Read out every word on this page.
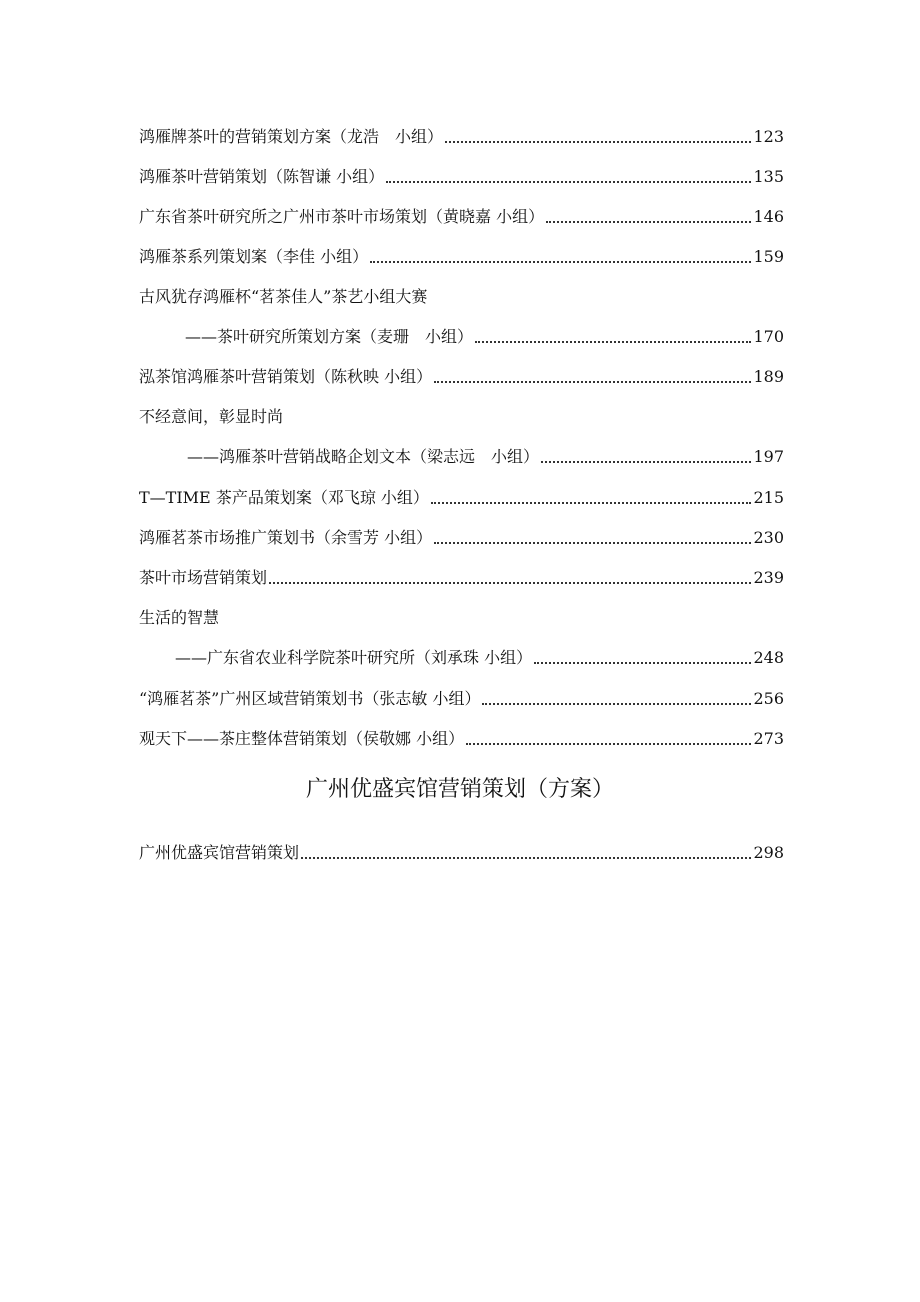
鸿雁牌茶叶的营销策划方案（龙浩　小组）	123
鸿雁茶叶营销策划（陈智谦 小组）	135
广东省茶叶研究所之广州市茶叶市场策划（黄晓嘉 小组）	146
鸿雁茶系列策划案（李佳 小组）	159
古风犹存鸿雁杯“茗茶佳人”茶艺小组大赛
——茶叶研究所策划方案（麦珊　小组）	170
泓茶馆鸿雁茶叶营销策划（陈秋映 小组）	189
不经意间，彰显时尚
——鸿雁茶叶营销战略企划文本（梁志远　小组）	197
T—TIME 茶产品策划案（邓飞琼 小组）	215
鸿雁茗茶市场推广策划书（余雪芳 小组）	230
茶叶市场营销策划	239
生活的智慧
——广东省农业科学院茶叶研究所（刘承珠 小组）	248
“鸿雁茗茶”广州区域营销策划书（张志敏 小组）	256
观天下——茶庄整体营销策划（侯敬娜 小组）	273
广州优盛宾馆营销策划（方案）
广州优盛宾馆营销策划	298
